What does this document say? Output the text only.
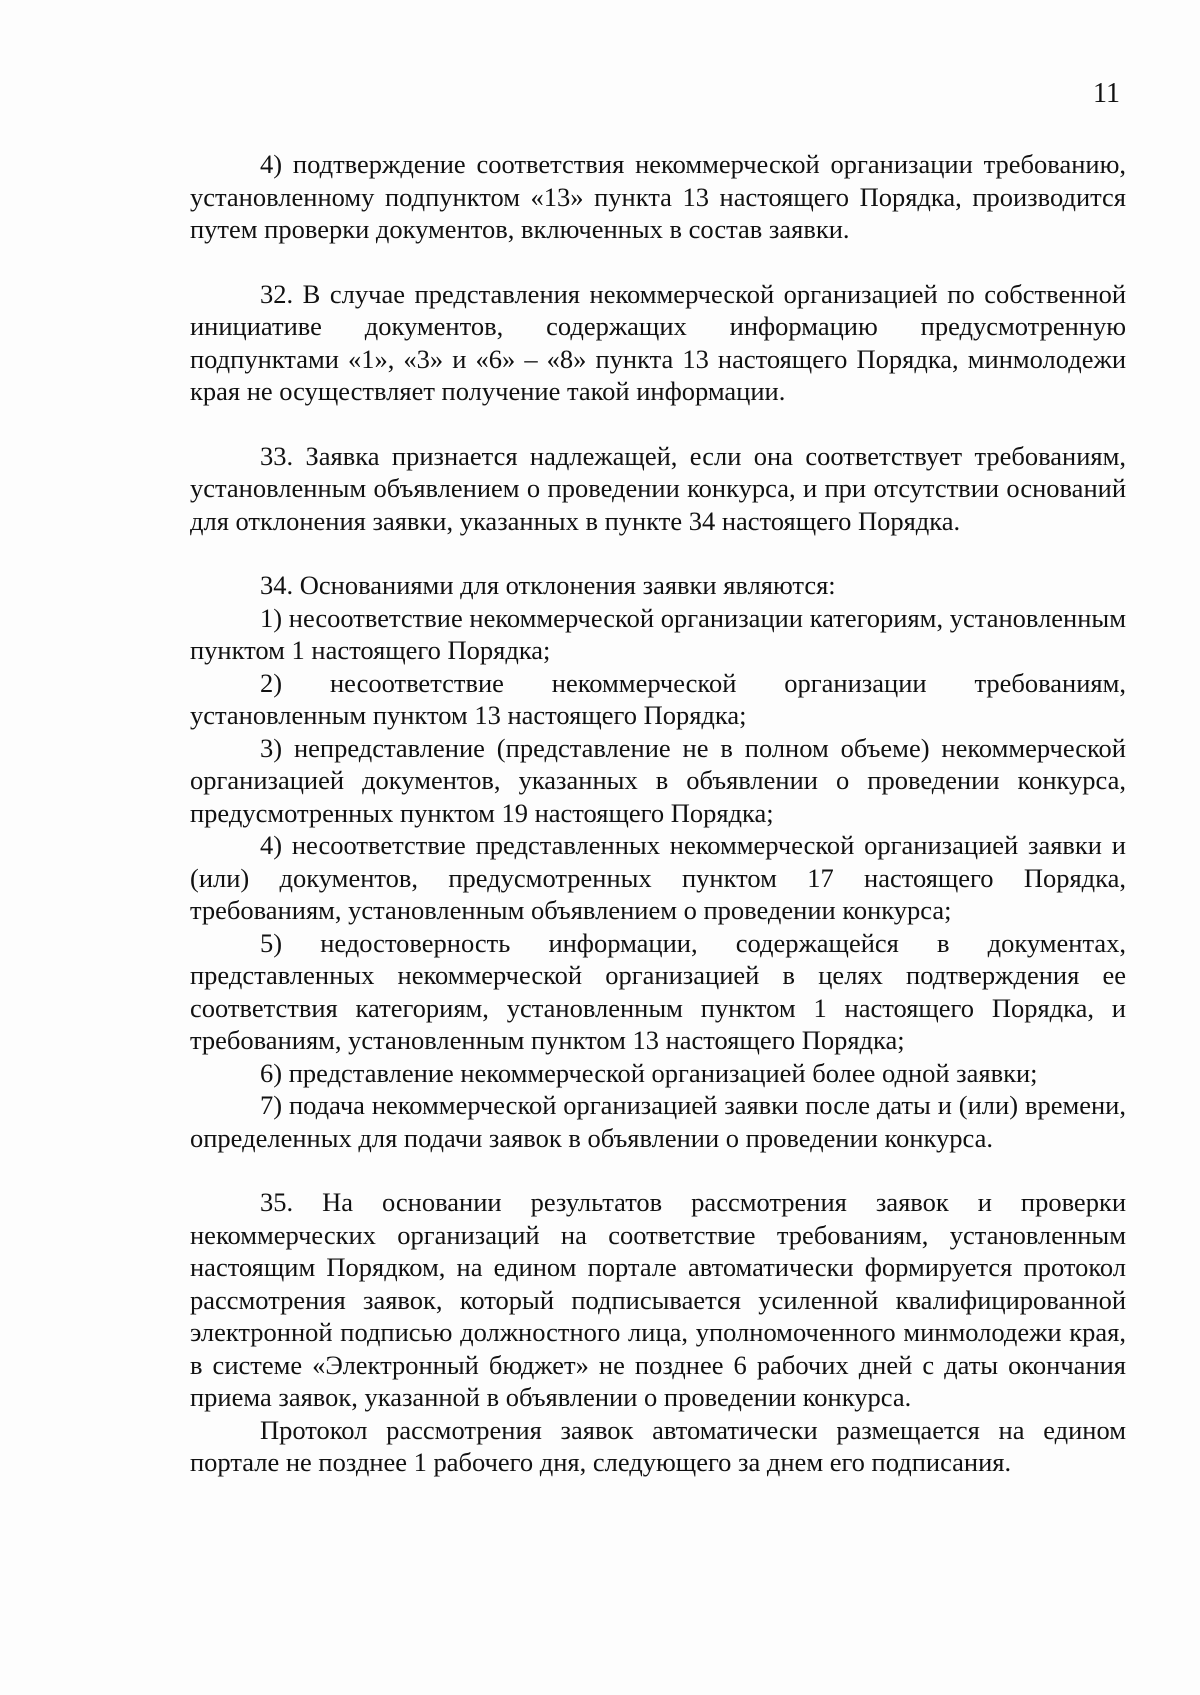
11

4) подтверждение соответствия некоммерческой организации требованию, установленному подпунктом «13» пункта 13 настоящего Порядка, производится путем проверки документов, включенных в состав заявки.

32. В случае представления некоммерческой организацией по собственной инициативе документов, содержащих информацию предусмотренную подпунктами «1», «3» и «6» – «8» пункта 13 настоящего Порядка, минмолодежи края не осуществляет получение такой информации.

33. Заявка признается надлежащей, если она соответствует требованиям, установленным объявлением о проведении конкурса, и при отсутствии оснований для отклонения заявки, указанных в пункте 34 настоящего Порядка.

34. Основаниями для отклонения заявки являются:

1) несоответствие некоммерческой организации категориям, установленным пунктом 1 настоящего Порядка;

2) несоответствие некоммерческой организации требованиям, установленным пунктом 13 настоящего Порядка;

3) непредставление (представление не в полном объеме) некоммерческой организацией документов, указанных в объявлении о проведении конкурса, предусмотренных пунктом 19 настоящего Порядка;

4) несоответствие представленных некоммерческой организацией заявки и (или) документов, предусмотренных пунктом 17 настоящего Порядка, требованиям, установленным объявлением о проведении конкурса;

5) недостоверность информации, содержащейся в документах, представленных некоммерческой организацией в целях подтверждения ее соответствия категориям, установленным пунктом 1 настоящего Порядка, и требованиям, установленным пунктом 13 настоящего Порядка;

6) представление некоммерческой организацией более одной заявки;

7) подача некоммерческой организацией заявки после даты и (или) времени, определенных для подачи заявок в объявлении о проведении конкурса.

35. На основании результатов рассмотрения заявок и проверки некоммерческих организаций на соответствие требованиям, установленным настоящим Порядком, на едином портале автоматически формируется протокол рассмотрения заявок, который подписывается усиленной квалифицированной электронной подписью должностного лица, уполномоченного минмолодежи края, в системе «Электронный бюджет» не позднее 6 рабочих дней с даты окончания приема заявок, указанной в объявлении о проведении конкурса.

Протокол рассмотрения заявок автоматически размещается на едином портале не позднее 1 рабочего дня, следующего за днем его подписания.
